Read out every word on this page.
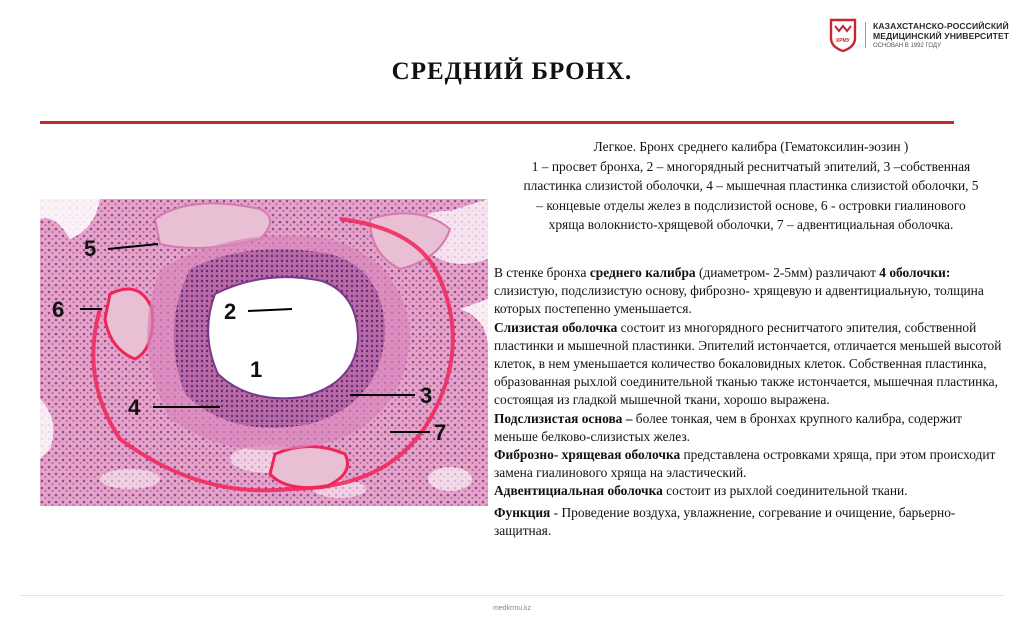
КРМУ
КАЗАХСТАНСКО-РОССИЙСКИЙ
МЕДИЦИНСКИЙ УНИВЕРСИТЕТ
ОСНОВАН В 1992 ГОДУ
СРЕДНИЙ БРОНХ.
Легкое. Бронх среднего калибра (Гематоксилин-эозин )
1 – просвет бронха, 2 – многорядный реснитчатый эпителий, 3 –собственная
пластинка слизистой оболочки, 4 – мышечная пластинка слизистой оболочки, 5
– концевые отделы желез в подслизистой основе, 6 - островки гиалинового
хряща волокнисто-хрящевой оболочки, 7 – адвентициальная оболочка.
5
6	2
1
4	3
7

В стенке бронха среднего калибра (диаметром- 2-5мм) различают 4 оболочки: слизистую, подслизистую основу, фиброзно- хрящевую и адвентициальную, толщина которых постепенно уменьшается.

Слизистая оболочка состоит из многорядного реснитчатого эпителия, собственной пластинки и мышечной пластинки. Эпителий истончается, отличается меньшей высотой клеток, в нем уменьшается количество бокаловидных клеток. Собственная пластинка, образованная рыхлой соединительной тканью также истончается, мышечная пластинка, состоящая из гладкой мышечной ткани, хорошо выражена.

Подслизистая основа – более тонкая, чем в бронхах крупного калибра, содержит меньше белково-слизистых желез.

Фиброзно- хрящевая оболочка представлена островками хряща, при этом происходит замена гиалинового хряща на эластический.

Адвентициальная оболочка состоит из рыхлой соединительной ткани.

Функция - Проведение воздуха, увлажнение, согревание и очищение, барьерно- защитная.

medkrmu.kz
